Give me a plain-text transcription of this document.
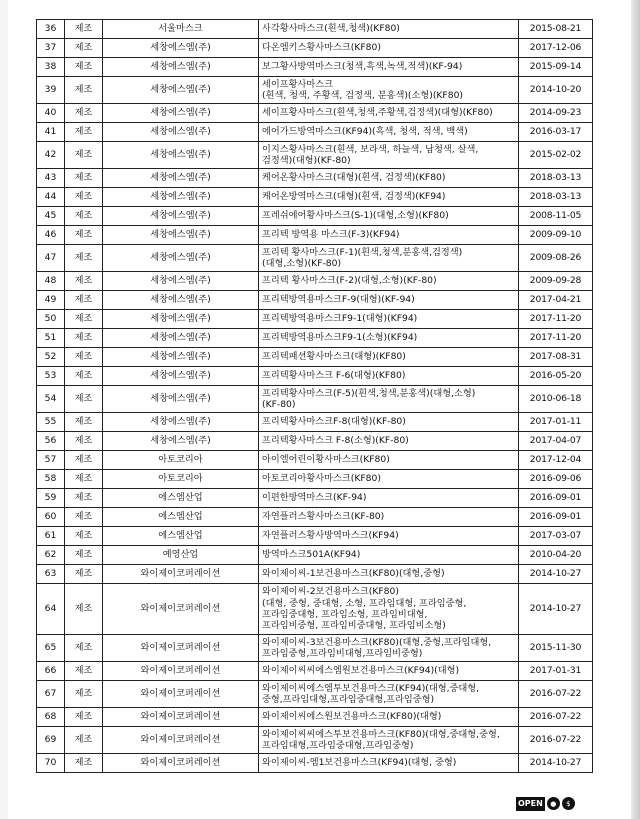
36	제조	서울마스크	사각황사마스크(흰색,청색)(KF80)	2015-08-21
37	제조	세창에스엠(주)	다온엠키스황사마스크(KF80)	2017-12-06
38	제조	세창에스엠(주)	보그황사방역마스크(청색,흑색,녹색,적색)(KF-94)	2015-09-14
39	제조	세창에스엠(주)	세이프황사마스크
(흰색, 청색, 주황색, 검정색, 분홍색)(소형)(KF80)	2014-10-20
40	제조	세창에스엠(주)	세이프황사마스크(흰색,청색,주황색,검정색)(대형)(KF80)	2014-09-23
41	제조	세창에스엠(주)	에어가드방역마스크(KF94)(흑색, 청색, 적색, 백색)	2016-03-17
42	제조	세창에스엠(주)	이지스황사마스크(흰색, 보라색, 하늘색, 남청색, 살색,
검정색)(대형)(KF-80)	2015-02-02
43	제조	세창에스엠(주)	케어온황사마스크(대형)(흰색, 검정색)(KF80)	2018-03-13
44	제조	세창에스엠(주)	케어온방역마스크(대형)(흰색, 검정색)(KF94)	2018-03-13
45	제조	세창에스엠(주)	프레쉬에어황사마스크(S-1)(대형,소형)(KF80)	2008-11-05
46	제조	세창에스엠(주)	프리텍 방역용 마스크(F-3)(KF94)	2009-09-10
47	제조	세창에스엠(주)	프리텍 황사마스크(F-1)(흰색,청색,분홍색,검정색)
(대형,소형)(KF-80)	2009-08-26
48	제조	세창에스엠(주)	프리텍 황사마스크(F-2)(대형,소형)(KF-80)	2009-09-28
49	제조	세창에스엠(주)	프리텍방역용마스크F-9(대형)(KF-94)	2017-04-21
50	제조	세창에스엠(주)	프리텍방역용마스크F9-1(대형)(KF94)	2017-11-20
51	제조	세창에스엠(주)	프리텍방역용마스크F9-1(소형)(KF94)	2017-11-20
52	제조	세창에스엠(주)	프리텍패션황사마스크(대형)(KF80)	2017-08-31
53	제조	세창에스엠(주)	프리텍황사마스크 F-6(대형)(KF80)	2016-05-20
54	제조	세창에스엠(주)	프리텍황사마스크(F-5)(흰색,청색,분홍색)(대형,소형)
(KF-80)	2010-06-18
55	제조	세창에스엠(주)	프리텍황사마스크F-8(대형)(KF-80)	2017-01-11
56	제조	세창에스엠(주)	프리텍황사마스크 F-8(소형)(KF-80)	2017-04-07
57	제조	아토코리아	아이엘어린이황사마스크(KF80)	2017-12-04
58	제조	아토코리아	아토코리아황사마스크(KF80)	2016-09-06
59	제조	에스엠산업	이편한방역마스크(KF-94)	2016-09-01
60	제조	에스엠산업	자연플러스황사마스크(KF-80)	2016-09-01
61	제조	에스엠산업	자연플러스황사방역마스크(KF94)	2017-03-07
62	제조	예영산업	방역마스크501A(KF94)	2010-04-20
63	제조	와이제이코퍼레이션	와이제이씨-1보건용마스크(KF80)(대형,중형)	2014-10-27
64	제조	와이제이코퍼레이션	와이제이씨-2보건용마스크(KF80)
(대형, 중형, 중대형, 소형, 프라임대형, 프라임중형,
프라임중대형, 프라임소형, 프라임비대형,
프라임비중형, 프라임비중대형, 프라임비소형)	2014-10-27
65	제조	와이제이코퍼레이션	와이제이씨-3보건용마스크(KF80)(대형,중형,프라임대형,
프라임중형,프라임비대형,프라임비중형)	2015-11-30
66	제조	와이제이코퍼레이션	와이제이씨씨에스엠원보건용마스크(KF94)(대형)	2017-01-31
67	제조	와이제이코퍼레이션	와이제이씨에스엠투보건용마스크(KF94)(대형,중대형,
중형,프라임대형,프라임중대형,프라임중형)	2016-07-22
68	제조	와이제이코퍼레이션	와이제이씨에스원보건용마스크(KF80)(대형)	2016-07-22
69	제조	와이제이코퍼레이션	와이제이씨씨에스투보건용마스크(KF80)(대형,중대형,중형,
프라임대형,프라임중대형,프라임중형)	2016-07-22
70	제조	와이제이코퍼레이션	와이제이씨-엠1보건용마스크(KF94)(대형, 중형)	2014-10-27
OPEN	●	$
